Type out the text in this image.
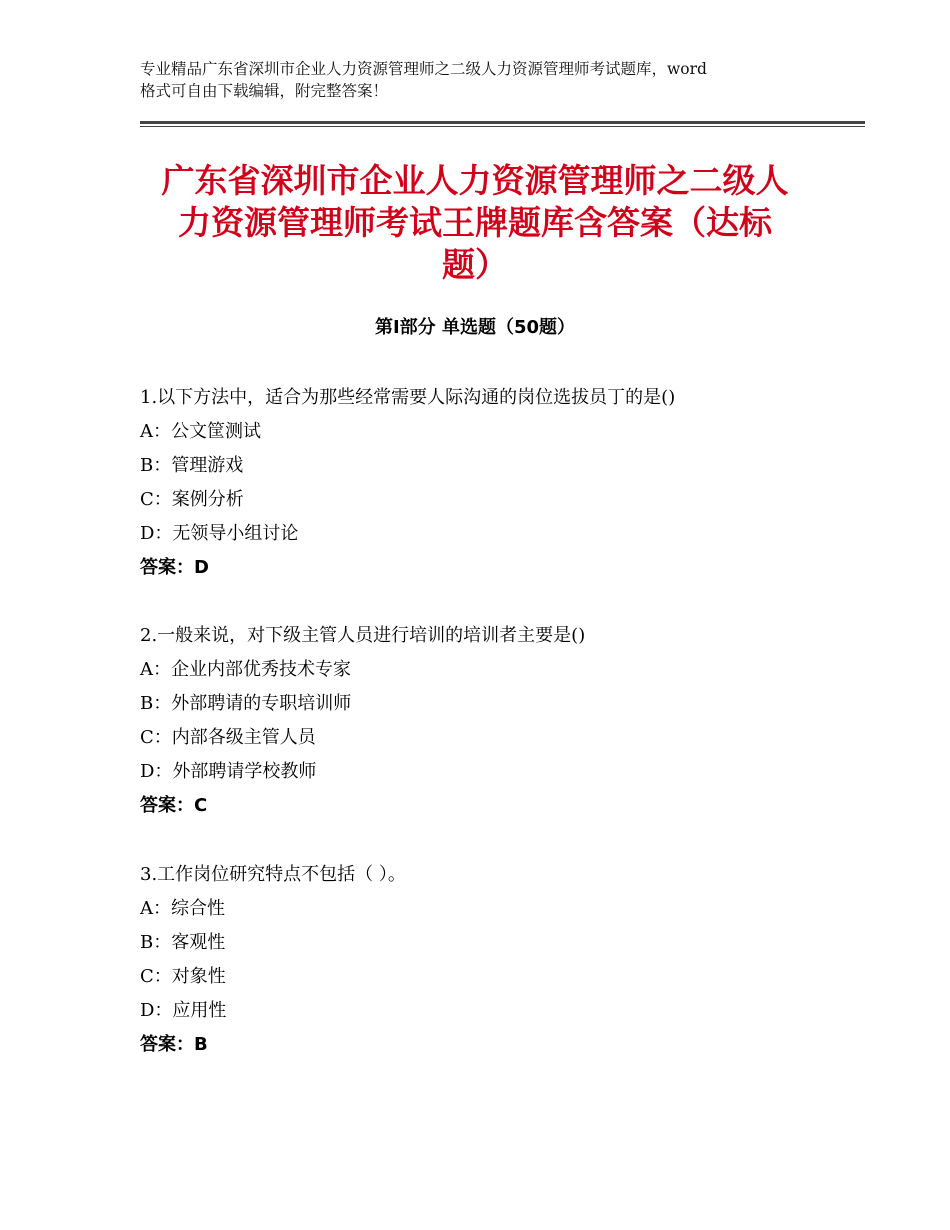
专业精品广东省深圳市企业人力资源管理师之二级人力资源管理师考试题库，word
格式可自由下载编辑，附完整答案！
广东省深圳市企业人力资源管理师之二级人
力资源管理师考试王牌题库含答案（达标
题）
第Ⅰ部分 单选题（50题）
1.以下方法中，适合为那些经常需要人际沟通的岗位选拔员丁的是()
A：公文筐测试
B：管理游戏
C：案例分析
D：无领导小组讨论
答案：D
2.一般来说，对下级主管人员进行培训的培训者主要是()
A：企业内部优秀技术专家
B：外部聘请的专职培训师
C：内部各级主管人员
D：外部聘请学校教师
答案：C
3.工作岗位研究特点不包括（ ）。
A：综合性
B：客观性
C：对象性
D：应用性
答案：B
